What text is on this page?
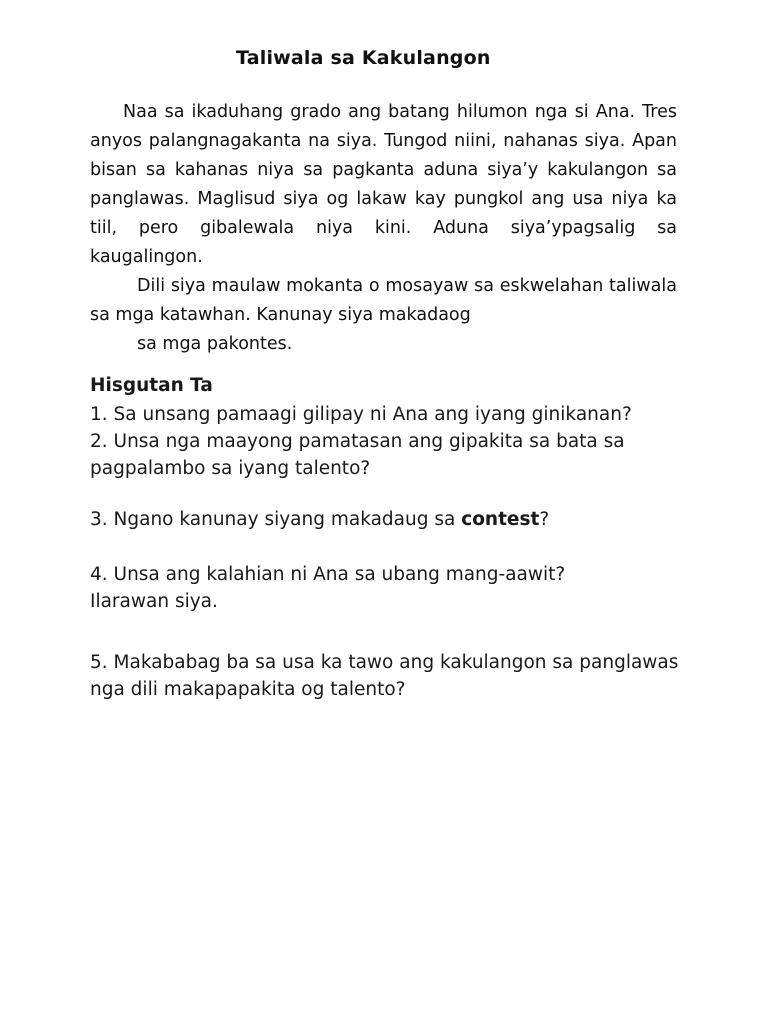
Taliwala sa Kakulangon

Naa sa ikaduhang grado ang batang hilumon nga si Ana. Tres anyos palangnagakanta na siya. Tungod niini, nahanas siya. Apan bisan sa kahanas niya sa pagkanta aduna siya’y kakulangon sa panglawas. Maglisud siya og lakaw kay pungkol ang usa niya ka tiil, pero gibalewala niya kini. Aduna siya’ypagsalig sa kaugalingon.

Dili siya maulaw mokanta o mosayaw sa eskwelahan taliwala sa mga katawhan. Kanunay siya makadaog
sa mga pakontes.

Hisgutan Ta

1. Sa unsang pamaagi gilipay ni Ana ang iyang ginikanan?

2. Unsa nga maayong pamatasan ang gipakita sa bata sa pagpalambo sa iyang talento?

3. Ngano kanunay siyang makadaug sa contest?

4. Unsa ang kalahian ni Ana sa ubang mang-aawit?
Ilarawan siya.

5. Makababag ba sa usa ka tawo ang kakulangon sa panglawas nga dili makapapakita og talento?
